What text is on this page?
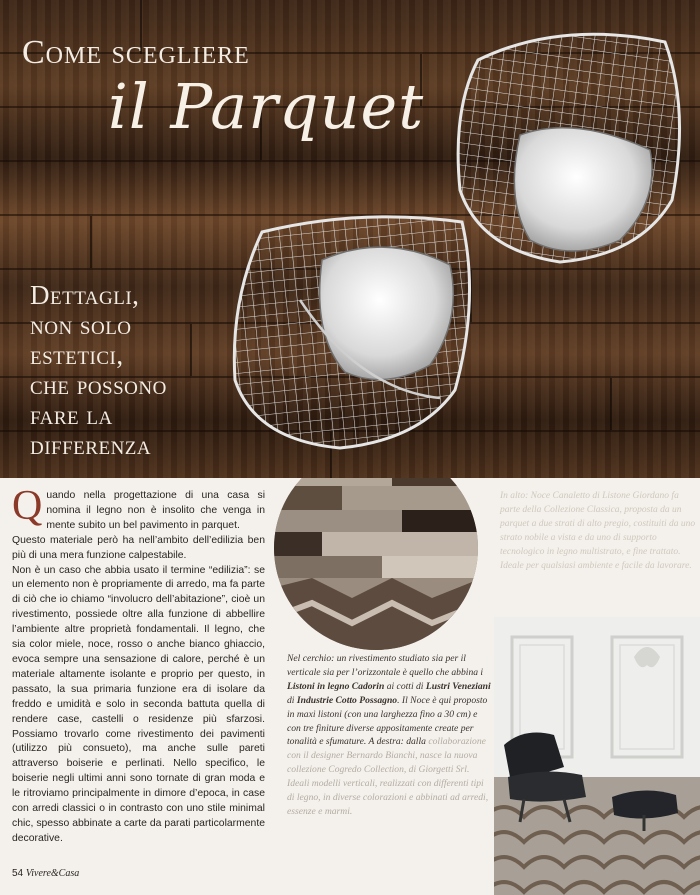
Come scegliere
il Parquet
Dettagli,
non solo
estetici,
che possono
fare la
differenza
Q uando nella progettazione di una casa si nomina il legno non è insolito che venga in mente subito un bel pavimento in parquet.

Questo materiale però ha nell’ambito dell’edilizia ben più di una mera funzione calpestabile.

Non è un caso che abbia usato il termine “edilizia”: se un elemento non è propriamente di arredo, ma fa parte di ciò che io chiamo “involucro dell’abitazione”, cioè un rivestimento, possiede oltre alla funzione di abbellire l’ambiente altre proprietà fondamentali. Il legno, che sia color miele, noce, rosso o anche bianco ghiaccio, evoca sempre una sensazione di calore, perché è un materiale altamente isolante e proprio per questo, in passato, la sua primaria funzione era di isolare da freddo e umidità e solo in seconda battuta quella di rendere case, castelli o residenze più sfarzosi. Possiamo trovarlo come rivestimento dei pavimenti (utilizzo più consueto), ma anche sulle pareti attraverso boiserie e perlinati. Nello specifico, le boiserie negli ultimi anni sono tornate di gran moda e le ritroviamo principalmente in dimore d’epoca, in case con arredi classici o in contrasto con uno stile minimal chic, spesso abbinate a carte da parati particolarmente decorative.

In alto: Noce Canaletto di Listone Giordano fa parte della Collezione Classica, proposta da un parquet a due strati di alto pregio, costituiti da uno strato nobile a vista e da uno di supporto tecnologico in legno multistrato, e fine trattato. Ideale per qualsiasi ambiente e facile da lavorare.
Nel cerchio: un rivestimento studiato sia per il verticale sia per l’orizzontale è quello che abbina i Listoni in legno Cadorin ai cotti di Lustri Veneziani di Industrie Cotto Possagno. Il Noce è qui proposto in maxi listoni (con una larghezza fino a 30 cm) e con tre finiture diverse appositamente create per tonalità e sfumature. A destra: dalla collaborazione con il designer Bernardo Bianchi, nasce la nuova collezione Cogredo Collection, di Giorgetti Srl. Ideali modelli verticali, realizzati con differenti tipi di legno, in diverse colorazioni e abbinati ad arredi, essenze e marmi.
54 Vivere&Casa
